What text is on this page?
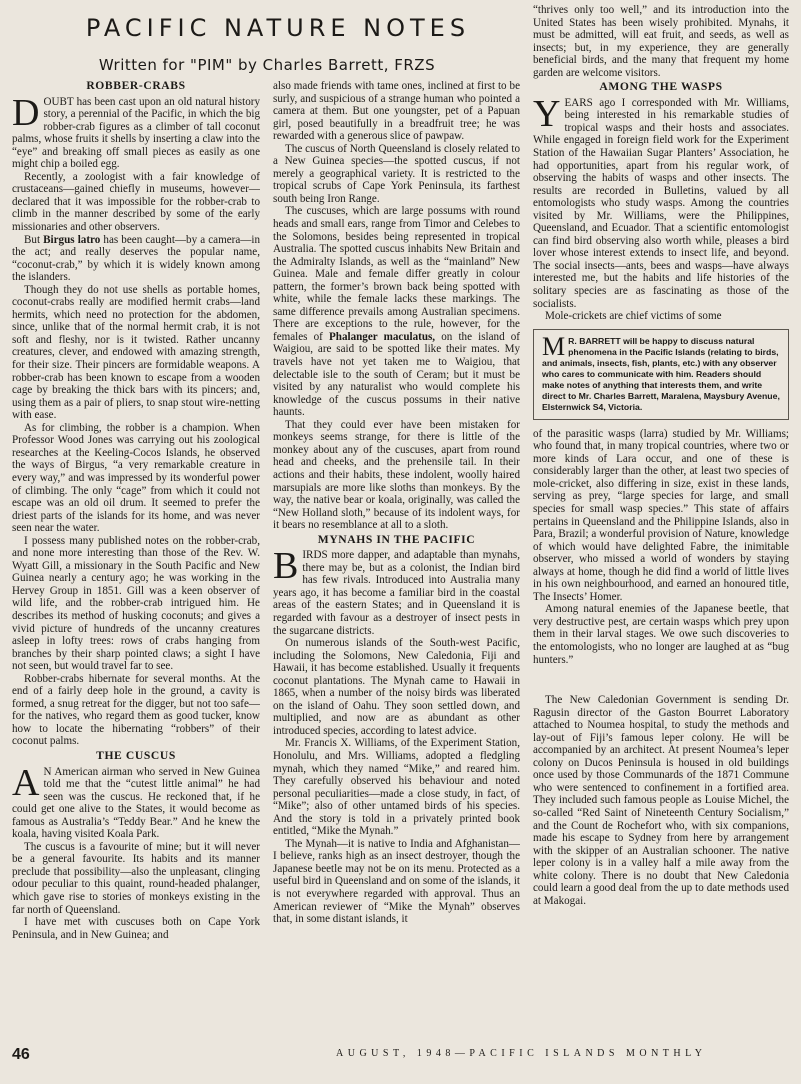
PACIFIC NATURE NOTES
Written for "PIM" by Charles Barrett, FRZS
ROBBER-CRABS

DOUBT has been cast upon an old natural history story, a perennial of the Pacific, in which the big robber-crab figures as a climber of tall coconut palms, whose fruits it shells by inserting a claw into the “eye” and breaking off small pieces as easily as one might chip a boiled egg.

Recently, a zoologist with a fair knowledge of crustaceans—gained chiefly in museums, however—declared that it was impossible for the robber-crab to climb in the manner described by some of the early missionaries and other observers.

But Birgus latro has been caught—by a camera—in the act; and really deserves the popular name, “coconut-crab,” by which it is widely known among the islanders.

Though they do not use shells as portable homes, coconut-crabs really are modified hermit crabs—land hermits, which need no protection for the abdomen, since, unlike that of the normal hermit crab, it is not soft and fleshy, nor is it twisted. Rather uncanny creatures, clever, and endowed with amazing strength, for their size. Their pincers are formidable weapons. A robber-crab has been known to escape from a wooden cage by breaking the thick bars with its pincers; and, using them as a pair of pliers, to snap stout wire-netting with ease.

As for climbing, the robber is a champion. When Professor Wood Jones was carrying out his zoological researches at the Keeling-Cocos Islands, he observed the ways of Birgus, “a very remarkable creature in every way,” and was impressed by its wonderful power of climbing. The only “cage” from which it could not escape was an old oil drum. It seemed to prefer the driest parts of the islands for its home, and was never seen near the water.

I possess many published notes on the robber-crab, and none more interesting than those of the Rev. W. Wyatt Gill, a missionary in the South Pacific and New Guinea nearly a century ago; he was working in the Hervey Group in 1851. Gill was a keen observer of wild life, and the robber-crab intrigued him. He describes its method of husking coconuts; and gives a vivid picture of hundreds of the uncanny creatures asleep in lofty trees: rows of crabs hanging from branches by their sharp pointed claws; a sight I have not seen, but would travel far to see.

Robber-crabs hibernate for several months. At the end of a fairly deep hole in the ground, a cavity is formed, a snug retreat for the digger, but not too safe—for the natives, who regard them as good tucker, know how to locate the hibernating “robbers” of their coconut palms.

THE CUSCUS

A N American airman who served in New Guinea told me that the “cutest little animal” he had seen was the cuscus. He reckoned that, if he could get one alive to the States, it would become as famous as Australia’s “Teddy Bear.” And he knew the koala, having visited Koala Park.

The cuscus is a favourite of mine; but it will never be a general favourite. Its habits and its manner preclude that possibility—also the unpleasant, clinging odour peculiar to this quaint, round-headed phalanger, which gave rise to stories of monkeys existing in the far north of Queensland.

I have met with cuscuses both on Cape York Peninsula, and in New Guinea; and

also made friends with tame ones, inclined at first to be surly, and suspicious of a strange human who pointed a camera at them. But one youngster, pet of a Papuan girl, posed beautifully in a breadfruit tree; he was rewarded with a generous slice of pawpaw.

The cuscus of North Queensland is closely related to a New Guinea species—the spotted cuscus, if not merely a geographical variety. It is restricted to the tropical scrubs of Cape York Peninsula, its farthest south being Iron Range.

The cuscuses, which are large possums with round heads and small ears, range from Timor and Celebes to the Solomons, besides being represented in tropical Australia. The spotted cuscus inhabits New Britain and the Admiralty Islands, as well as the “mainland” New Guinea. Male and female differ greatly in colour pattern, the former’s brown back being spotted with white, while the female lacks these markings. The same difference prevails among Australian specimens. There are exceptions to the rule, however, for the females of Phalanger maculatus, on the island of Waigiou, are said to be spotted like their mates. My travels have not yet taken me to Waigiou, that delectable isle to the south of Ceram; but it must be visited by any naturalist who would complete his knowledge of the cuscus possums in their native haunts.

That they could ever have been mistaken for monkeys seems strange, for there is little of the monkey about any of the cuscuses, apart from round head and cheeks, and the prehensile tail. In their actions and their habits, these indolent, woolly haired marsupials are more like sloths than monkeys. By the way, the native bear or koala, originally, was called the “New Holland sloth,” because of its indolent ways, for it bears no resemblance at all to a sloth.

MYNAHS IN THE PACIFIC

BIRDS more dapper, and adaptable than mynahs, there may be, but as a colonist, the Indian bird has few rivals. Introduced into Australia many years ago, it has become a familiar bird in the coastal areas of the eastern States; and in Queensland it is regarded with favour as a destroyer of insect pests in the sugarcane districts.

On numerous islands of the South-west Pacific, including the Solomons, New Caledonia, Fiji and Hawaii, it has become established. Usually it frequents coconut plantations. The Mynah came to Hawaii in 1865, when a number of the noisy birds was liberated on the island of Oahu. They soon settled down, and multiplied, and now are as abundant as other introduced species, according to latest advice.

Mr. Francis X. Williams, of the Experiment Station, Honolulu, and Mrs. Williams, adopted a fledgling mynah, which they named “Mike,” and reared him. They carefully observed his behaviour and noted personal peculiarities—made a close study, in fact, of “Mike”; also of other untamed birds of his species. And the story is told in a privately printed book entitled, “Mike the Mynah.”

The Mynah—it is native to India and Afghanistan—I believe, ranks high as an insect destroyer, though the Japanese beetle may not be on its menu. Protected as a useful bird in Queensland and on some of the islands, it is not everywhere regarded with approval. Thus an American reviewer of “Mike the Mynah” observes that, in some distant islands, it

“thrives only too well,” and its introduction into the United States has been wisely prohibited. Mynahs, it must be admitted, will eat fruit, and seeds, as well as insects; but, in my experience, they are generally beneficial birds, and the many that frequent my home garden are welcome visitors.

AMONG THE WASPS

YEARS ago I corresponded with Mr. Williams, being interested in his remarkable studies of tropical wasps and their hosts and associates. While engaged in foreign field work for the Experiment Station of the Hawaiian Sugar Planters’ Association, he had opportunities, apart from his regular work, of observing the habits of wasps and other insects. The results are recorded in Bulletins, valued by all entomologists who study wasps. Among the countries visited by Mr. Williams, were the Philippines, Queensland, and Ecuador. That a scientific entomologist can find bird observing also worth while, pleases a bird lover whose interest extends to insect life, and beyond. The social insects—ants, bees and wasps—have always interested me, but the habits and life histories of the solitary species are as fascinating as those of the socialists.

Mole-crickets are chief victims of some

M R. BARRETT will be happy to discuss natural phenomena in the Pacific Islands (relating to birds, and animals, insects, fish, plants, etc.) with any observer who cares to communicate with him. Readers should make notes of anything that interests them, and write direct to Mr. Charles Barrett, Maralena, Maysbury Avenue, Elsternwick S4, Victoria.

of the parasitic wasps (larra) studied by Mr. Williams; who found that, in many tropical countries, where two or more kinds of Lara occur, and one of these is considerably larger than the other, at least two species of mole-cricket, also differing in size, exist in these lands, serving as prey, “large species for large, and small species for small wasp species.” This state of affairs pertains in Queensland and the Philippine Islands, also in Para, Brazil; a wonderful provision of Nature, knowledge of which would have delighted Fabre, the inimitable observer, who missed a world of wonders by staying always at home, though he did find a world of little lives in his own neighbourhood, and earned an honoured title, The Insects’ Homer.

Among natural enemies of the Japanese beetle, that very destructive pest, are certain wasps which prey upon them in their larval stages. We owe such discoveries to the entomologists, who no longer are laughed at as “bug hunters.”

The New Caledonian Government is sending Dr. Ragusin director of the Gaston Bourret Laboratory attached to Noumea hospital, to study the methods and lay-out of Fiji’s famous leper colony. He will be accompanied by an architect. At present Noumea’s leper colony on Ducos Peninsula is housed in old buildings once used by those Communards of the 1871 Commune who were sentenced to confinement in a fortified area. They included such famous people as Louise Michel, the so-called “Red Saint of Nineteenth Century Socialism,” and the Count de Rochefort who, with six companions, made his escape to Sydney from here by arrangement with the skipper of an Australian schooner. The native leper colony is in a valley half a mile away from the white colony. There is no doubt that New Caledonia could learn a good deal from the up to date methods used at Makogai.

46	AUGUST, 1948—PACIFIC ISLANDS MONTHLY
